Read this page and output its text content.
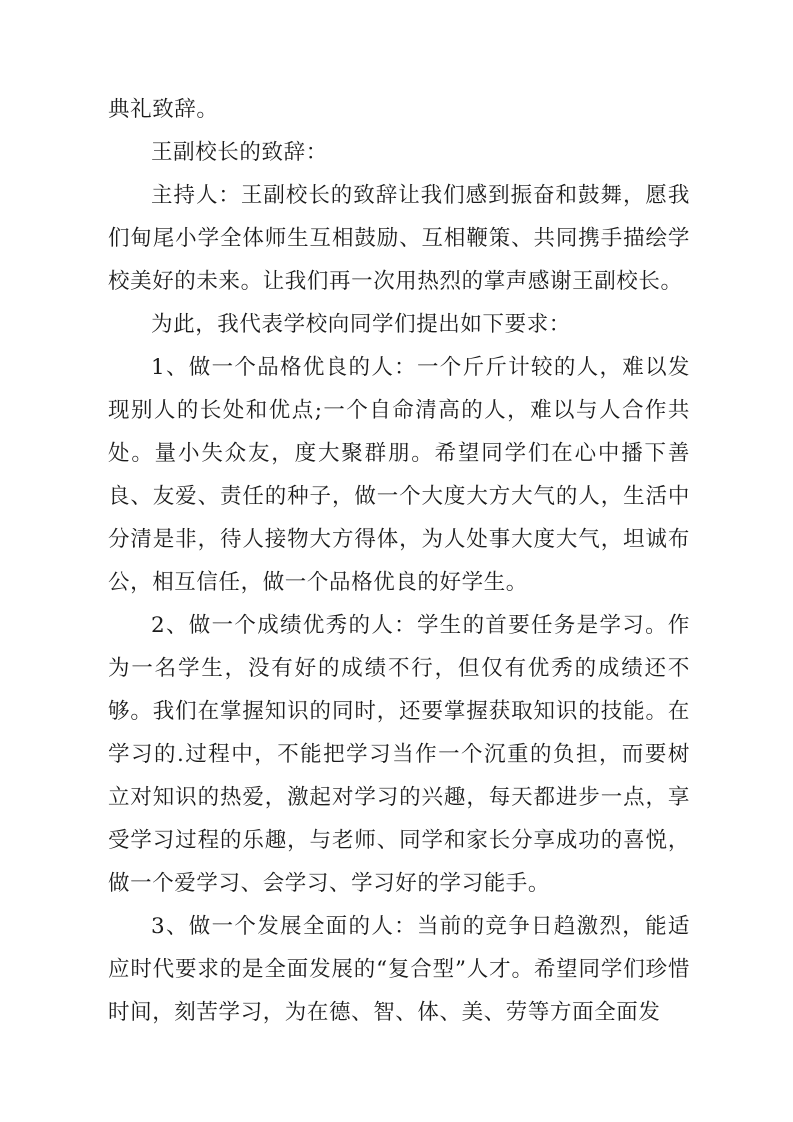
典礼致辞。

王副校长的致辞：

主持人：王副校长的致辞让我们感到振奋和鼓舞，愿我们甸尾小学全体师生互相鼓励、互相鞭策、共同携手描绘学校美好的未来。让我们再一次用热烈的掌声感谢王副校长。

为此，我代表学校向同学们提出如下要求：

1、做一个品格优良的人：一个斤斤计较的人，难以发现别人的长处和优点;一个自命清高的人，难以与人合作共处。量小失众友，度大聚群朋。希望同学们在心中播下善良、友爱、责任的种子，做一个大度大方大气的人，生活中分清是非，待人接物大方得体，为人处事大度大气，坦诚布公，相互信任，做一个品格优良的好学生。

2、做一个成绩优秀的人：学生的首要任务是学习。作为一名学生，没有好的成绩不行，但仅有优秀的成绩还不够。我们在掌握知识的同时，还要掌握获取知识的技能。在学习的.过程中，不能把学习当作一个沉重的负担，而要树立对知识的热爱，激起对学习的兴趣，每天都进步一点，享受学习过程的乐趣，与老师、同学和家长分享成功的喜悦，做一个爱学习、会学习、学习好的学习能手。

3、做一个发展全面的人：当前的竞争日趋激烈，能适应时代要求的是全面发展的“复合型”人才。希望同学们珍惜时间，刻苦学习，为在德、智、体、美、劳等方面全面发
